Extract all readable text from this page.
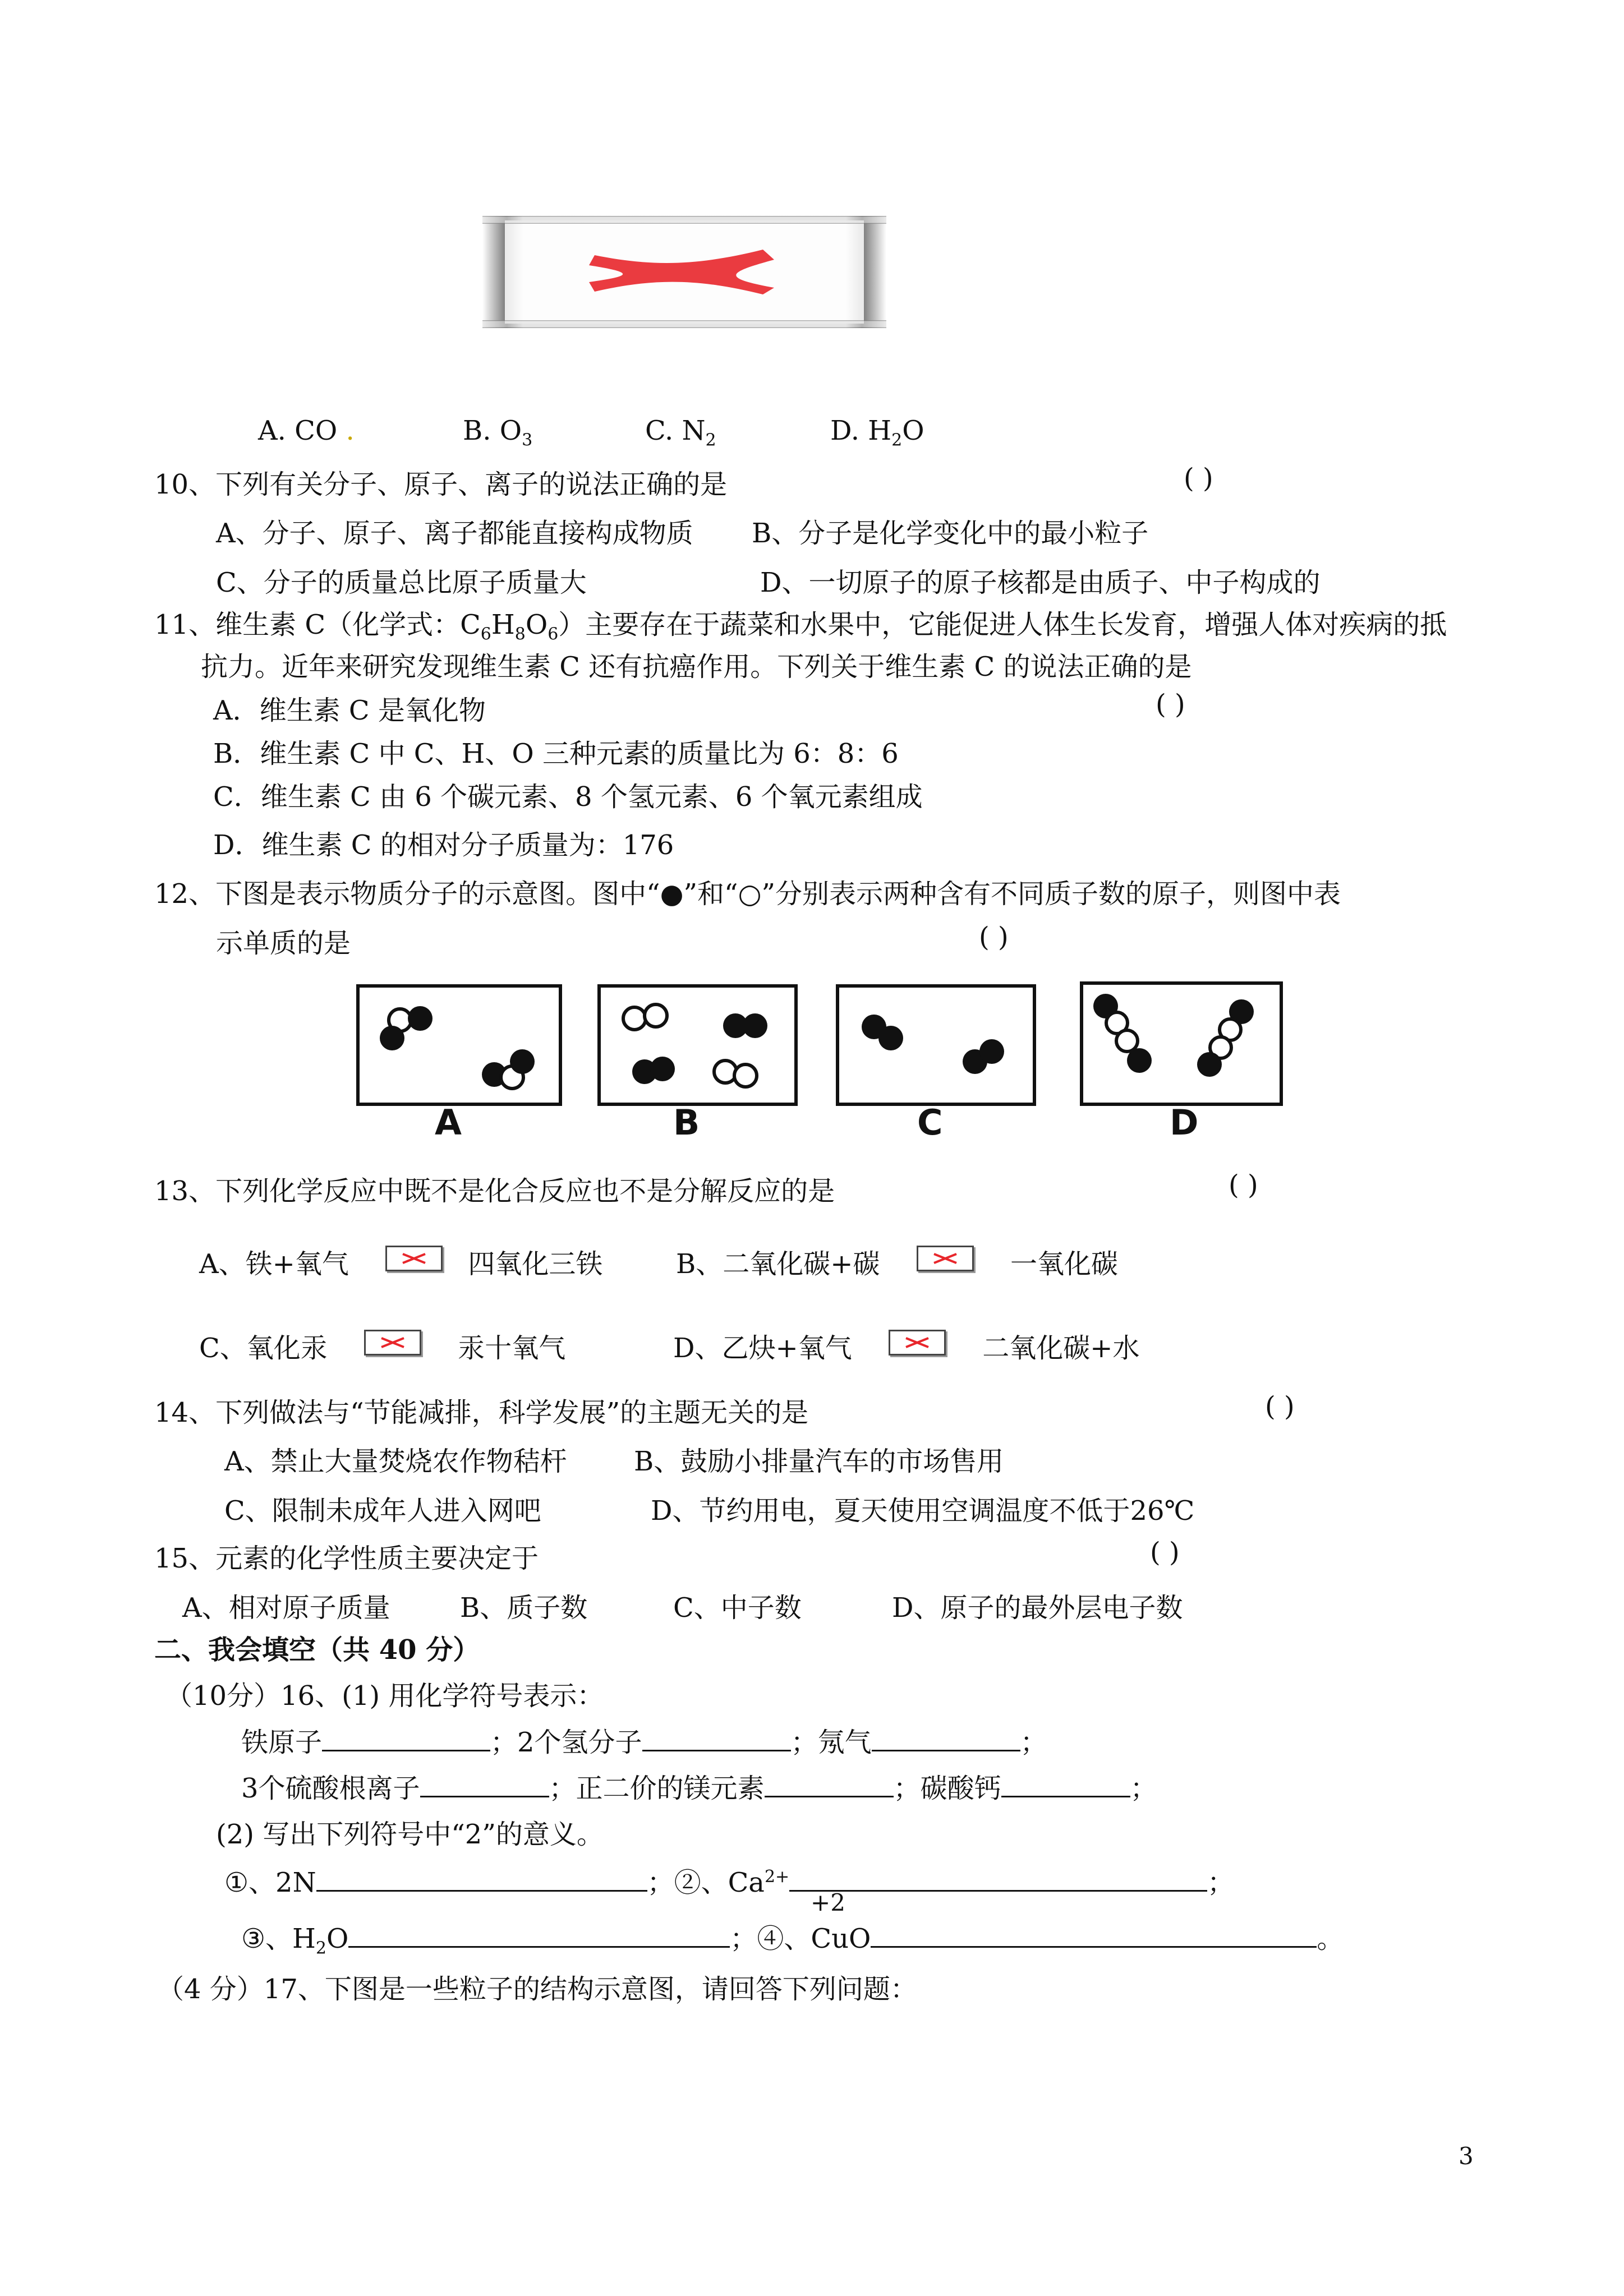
A. CO .	B. $O_3$	C. $N_2$	D. $H_2O$
10、下列有关分子、原子、离子的说法正确的是	( )
A、分子、原子、离子都能直接构成物质 B、分子是化学变化中的最小粒子
C、分子的质量总比原子质量大	D、一切原子的原子核都是由质子、中子构成的
11、维生素 C（化学式：$C_6H_8O_6$）主要存在于蔬菜和水果中，它能促进人体生长发育，增强人体对疾病的抵
抗力。近年来研究发现维生素 C 还有抗癌作用。下列关于维生素 C 的说法正确的是
( )
A．维生素 C 是氧化物
B．维生素 C 中 C、H、O 三种元素的质量比为 6：8：6
C．维生素 C 由 6 个碳元素、8 个氢元素、6 个氧元素组成
D．维生素 C 的相对分子质量为：176
12、下图是表示物质分子的示意图。图中“●”和“○”分别表示两种含有不同质子数的原子，则图中表
示单质的是	( )
A	B	C	D
13、下列化学反应中既不是化合反应也不是分解反应的是	( )
A、铁+氧气	四氧化三铁	B、二氧化碳+碳	一氧化碳
C、氧化汞	汞十氧气	D、乙炔+氧气	二氧化碳+水
14、下列做法与“节能减排，科学发展”的主题无关的是	( )
A、禁止大量焚烧农作物秸杆 B、鼓励小排量汽车的市场售用
C、限制未成年人进入网吧	D、节约用电，夏天使用空调温度不低于26℃
15、元素的化学性质主要决定于	( )
A、相对原子质量	B、质子数	C、中子数	D、原子的最外层电子数
二、我会填空（共 40 分）
（10分）16、(1) 用化学符号表示：
铁原子	；2个氢分子	；氖气	；
3个硫酸根离子	；正二价的镁元素	；碳酸钙	；
(2) 写出下列符号中“2”的意义。
①、2N	；②、$Ca^{2+}$	；
+2
③、$H_2O$	；④、CuO	。
（4 分）17、下图是一些粒子的结构示意图，请回答下列问题：
3
